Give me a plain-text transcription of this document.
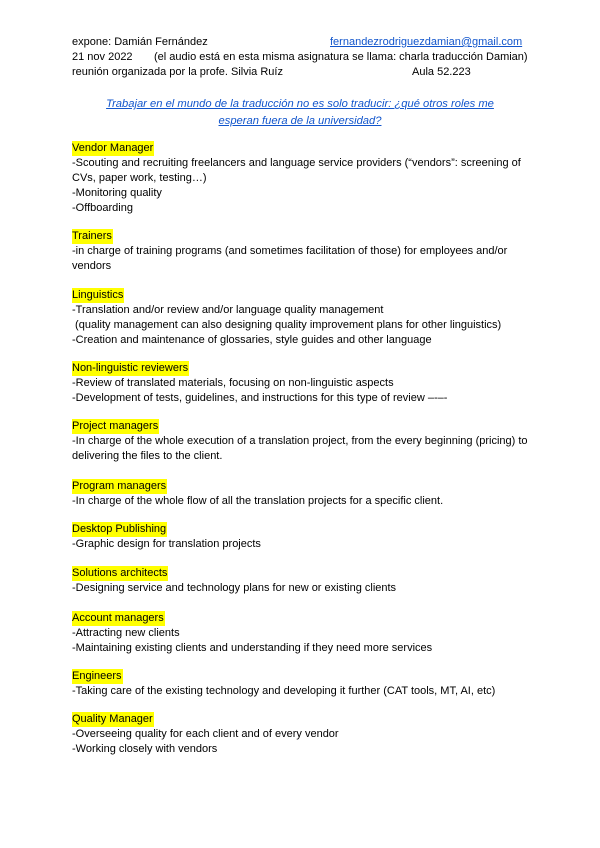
expone: Damián Fernández	fernandezrodriguezdamian@gmail.com
21 nov 2022 (el audio está en esta misma asignatura se llama: charla traducción Damian)
reunión organizada por la profe. Silvia Ruíz	Aula 52.223
Trabajar en el mundo de la traducción no es solo traducir: ¿qué otros roles me
esperan fuera de la universidad?
Vendor Manager
-Scouting and recruiting freelancers and language service providers (“vendors”: screening of CVs, paper work, testing…)
-Monitoring quality
-Offboarding
Trainers
-in charge of training programs (and sometimes facilitation of those) for employees and/or vendors
Linguistics
-Translation and/or review and/or language quality management
(quality management can also designing quality improvement plans for other linguistics)
-Creation and maintenance of glossaries, style guides and other language
Non-linguistic reviewers
-Review of translated materials, focusing on non-linguistic aspects
-Development of tests, guidelines, and instructions for this type of review –-–-
Project managers
-In charge of the whole execution of a translation project, from the every beginning (pricing) to delivering the files to the client.
Program managers
-In charge of the whole flow of all the translation projects for a specific client.
Desktop Publishing
-Graphic design for translation projects
Solutions architects
-Designing service and technology plans for new or existing clients
Account managers
-Attracting new clients
-Maintaining existing clients and understanding if they need more services
Engineers
-Taking care of the existing technology and developing it further (CAT tools, MT, AI, etc)
Quality Manager
-Overseeing quality for each client and of every vendor
-Working closely with vendors
